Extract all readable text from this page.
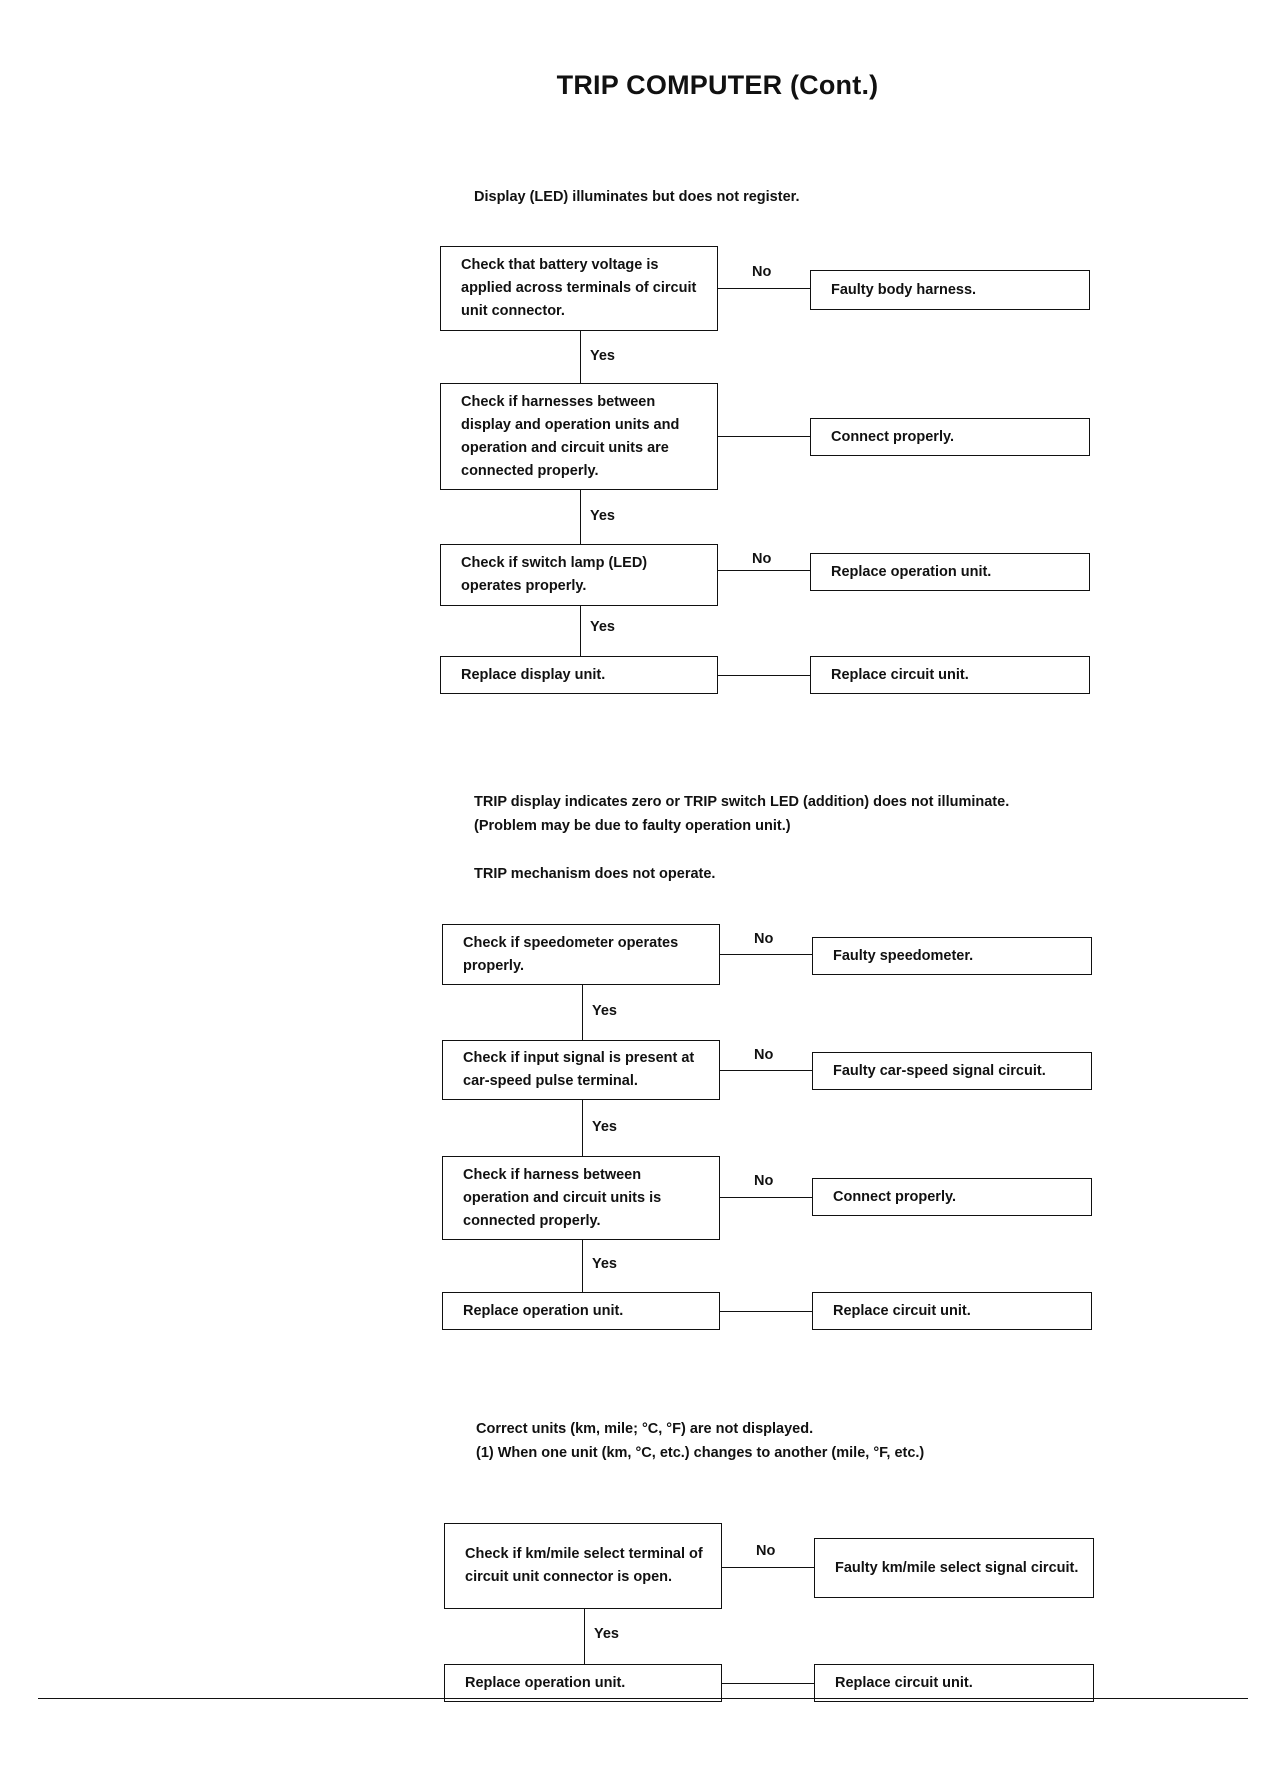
TRIP COMPUTER (Cont.)
Display (LED) illuminates but does not register.
Check that battery voltage is applied across terminals of circuit unit connector.
Check if harnesses between display and operation units and operation and circuit units are connected properly.
Check if switch lamp (LED) operates properly.
Replace display unit.
Faulty body harness.
Connect properly.
Replace operation unit.
Replace circuit unit.
No
No
Yes
Yes
Yes
TRIP display indicates zero or TRIP switch LED (addition) does not illuminate.
(Problem may be due to faulty operation unit.)
TRIP mechanism does not operate.
Check if speedometer operates properly.
Check if input signal is present at car-speed pulse terminal.
Check if harness between operation and circuit units is connected properly.
Replace operation unit.
Faulty speedometer.
Faulty car-speed signal circuit.
Connect properly.
Replace circuit unit.
No
No
No
Yes
Yes
Yes
Correct units (km, mile; °C, °F) are not displayed.
(1) When one unit (km, °C, etc.) changes to another (mile, °F, etc.)
Check if km/mile select terminal of circuit unit connector is open.
Replace operation unit.
Faulty km/mile select signal circuit.
Replace circuit unit.
No
Yes
